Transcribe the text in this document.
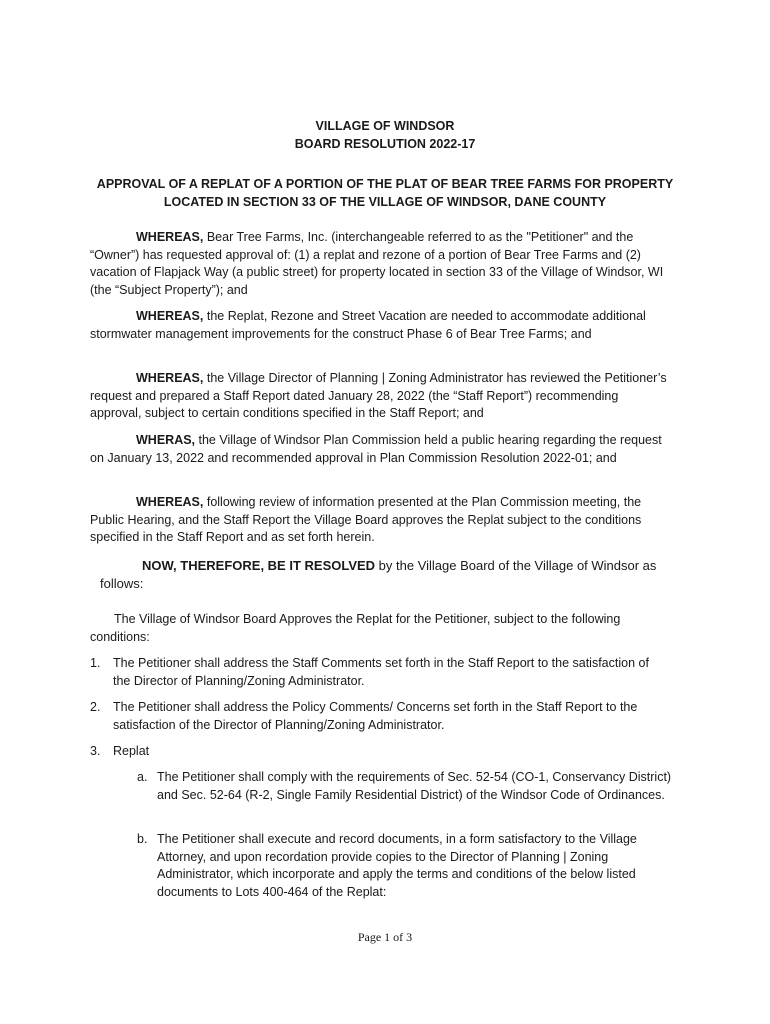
VILLAGE OF WINDSOR
BOARD RESOLUTION 2022-17
APPROVAL OF A REPLAT OF A PORTION OF THE PLAT OF BEAR TREE FARMS FOR PROPERTY LOCATED IN SECTION 33 OF THE VILLAGE OF WINDSOR, DANE COUNTY
WHEREAS, Bear Tree Farms, Inc. (interchangeable referred to as the "Petitioner" and the “Owner”) has requested approval of: (1) a replat and rezone of a portion of Bear Tree Farms and (2) vacation of Flapjack Way (a public street) for property located in section 33 of the Village of Windsor, WI (the “Subject Property”); and
WHEREAS, the Replat, Rezone and Street Vacation are needed to accommodate additional stormwater management improvements for the construct Phase 6 of Bear Tree Farms; and
WHEREAS, the Village Director of Planning | Zoning Administrator has reviewed the Petitioner’s request and prepared a Staff Report dated January 28, 2022 (the “Staff Report”) recommending approval, subject to certain conditions specified in the Staff Report; and
WHERAS, the Village of Windsor Plan Commission held a public hearing regarding the request on January 13, 2022 and recommended approval in Plan Commission Resolution 2022-01; and
WHEREAS, following review of information presented at the Plan Commission meeting, the Public Hearing, and the Staff Report the Village Board approves the Replat subject to the conditions specified in the Staff Report and as set forth herein.
NOW, THEREFORE, BE IT RESOLVED by the Village Board of the Village of Windsor as follows:
The Village of Windsor Board Approves the Replat for the Petitioner, subject to the following conditions:
1. The Petitioner shall address the Staff Comments set forth in the Staff Report to the satisfaction of the Director of Planning/Zoning Administrator.
2. The Petitioner shall address the Policy Comments/ Concerns set forth in the Staff Report to the satisfaction of the Director of Planning/Zoning Administrator.
3. Replat
a. The Petitioner shall comply with the requirements of Sec. 52-54 (CO-1, Conservancy District) and Sec. 52-64 (R-2, Single Family Residential District) of the Windsor Code of Ordinances.
b. The Petitioner shall execute and record documents, in a form satisfactory to the Village Attorney, and upon recordation provide copies to the Director of Planning | Zoning Administrator, which incorporate and apply the terms and conditions of the below listed documents to Lots 400-464 of the Replat:
Page 1 of 3
